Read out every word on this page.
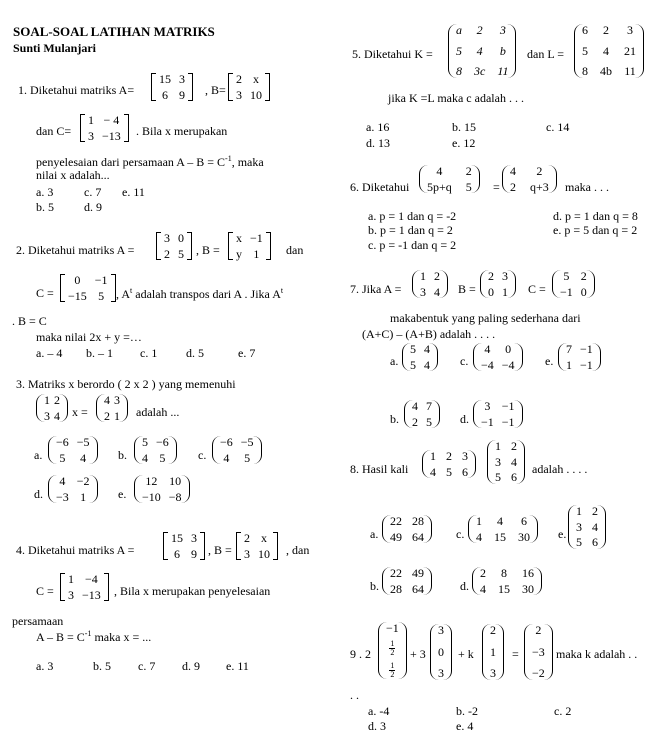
SOAL-SOAL LATIHAN MATRIKS
Sunti Mulanjari
1. Diketahui matriks A=
15 3
6 9 , B=
2 x
3 10
dan C=
1 − 4
3 −13 . Bila x merupakan
penyelesaian dari persamaan $A - B = C^{-1}$, maka
nilai x adalah...
a. 3	c. 7 e. 11
b. 5	d. 9
2. Diketahui matriks A =
3 0
2 5 , B =
x −1
y 1 dan
C =
0	−1
−15 5 , $A^t$ adalah transpos dari A . Jika $A^t$
. B = C
maka nilai 2x + y =…
a. – 4 b. – 1 c. 1 d. 5	e. 7
3. Matriks x berordo ( 2 x 2 ) yang memenuhi
1 2
3 4 x =
4 3
2 1 adalah ...
a.
−6 −5
5 4	b.
5 −6
4 5	c.
−6 −5
4 5
d.
4 −2
−3 1	e.
12 10
−10 −8
4. Diketahui matriks A =
15 3
6 9 , B =
2 x
3 10 , dan
C =
1 −4
3 −13 , Bila x merupakan penyelesaian
persamaan
$A - B = C^{-1}$ maka x = ...
a. 3	b. 5 c. 7 d. 9 e. 11
5. Diketahui K =
a 2 3
5 4 b
8 3c 11
dan L =
6 2 3
5 4 21
8 4b 11
jika K =L maka c adalah . . .
a. 16	b. 15	c. 14
d. 13	e. 12
6. Diketahui
4	2
5p+q 5 =
4	2
2 q+3 maka . . .
a. p = 1 dan q = -2	d. p = 1 dan q = 8
b. p = 1 dan q = 2	e. p = 5 dan q = 2
c. p = -1 dan q = 2
7. Jika A =
1 2
3 4 B =
2 3
0 1 C =
5 2
−1 0
makabentuk yang paling sederhana dari
(A+C) – (A+B) adalah . . . .
a.
5 4
5 4	c.
4 0
−4 −4	e.
7 −1
1 −1
b.
4 7
2 5 d.
3 −1
−1 −1
8. Hasil kali
1 2 3
4 5 6
1 2
3 4
5 6
adalah . . . .
a.
22 28
49 64	c.
1 4 6
4 15 30 e.
1 2
3 4
5 6
b.
22 49
28 64	d.
2 8 16
4 15 30
9 . 2
−1
$\frac{1}{2}$
$\frac{1}{2}$
+ 3
3
0
3
+ k
2
1
3
=
2
−3
−2
maka k adalah . .
. .
a. -4	b. -2	c. 2
d. 3	e. 4
